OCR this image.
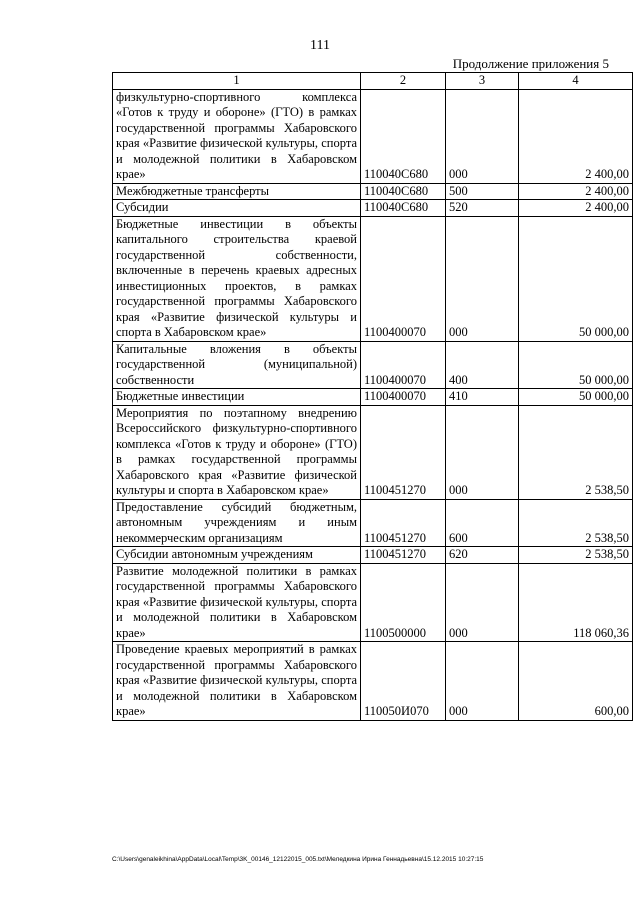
111
Продолжение приложения 5
1	2	3	4
физкультурно-спортивного комплекса «Готов к труду и обороне» (ГТО) в рамках государственной программы Хабаровского края «Развитие физической культуры, спорта и молодежной политики в Хабаровском крае»	110040C680	000	2 400,00
Межбюджетные трансферты	110040C680	500	2 400,00
Субсидии	110040C680	520	2 400,00
Бюджетные инвестиции в объекты капитального строительства краевой государственной собственности, включенные в перечень краевых адресных инвестиционных проектов, в рамках государственной программы Хабаровского края «Развитие физической культуры и спорта в Хабаровском крае»	1100400070	000	50 000,00
Капитальные вложения в объекты государственной (муниципальной) собственности	1100400070	400	50 000,00
Бюджетные инвестиции	1100400070	410	50 000,00
Мероприятия по поэтапному внедрению Всероссийского физкультурно-спортивного комплекса «Готов к труду и обороне» (ГТО) в рамках государственной программы Хабаровского края «Развитие физической культуры и спорта в Хабаровском крае»	1100451270	000	2 538,50
Предоставление субсидий бюджетным, автономным учреждениям и иным некоммерческим организациям	1100451270	600	2 538,50
Субсидии автономным учреждениям	1100451270	620	2 538,50
Развитие молодежной политики в рамках государственной программы Хабаровского края «Развитие физической культуры, спорта и молодежной политики в Хабаровском крае»	1100500000	000	118 060,36
Проведение краевых мероприятий в рамках государственной программы Хабаровского края «Развитие физической культуры, спорта и молодежной политики в Хабаровском крае»	110050И070	000	600,00
C:\Users\genaleikhina\AppData\Local\Temp\3K_00146_12122015_005.txt\Меледкина Ирина Геннадьевна\15.12.2015 10:27:15
